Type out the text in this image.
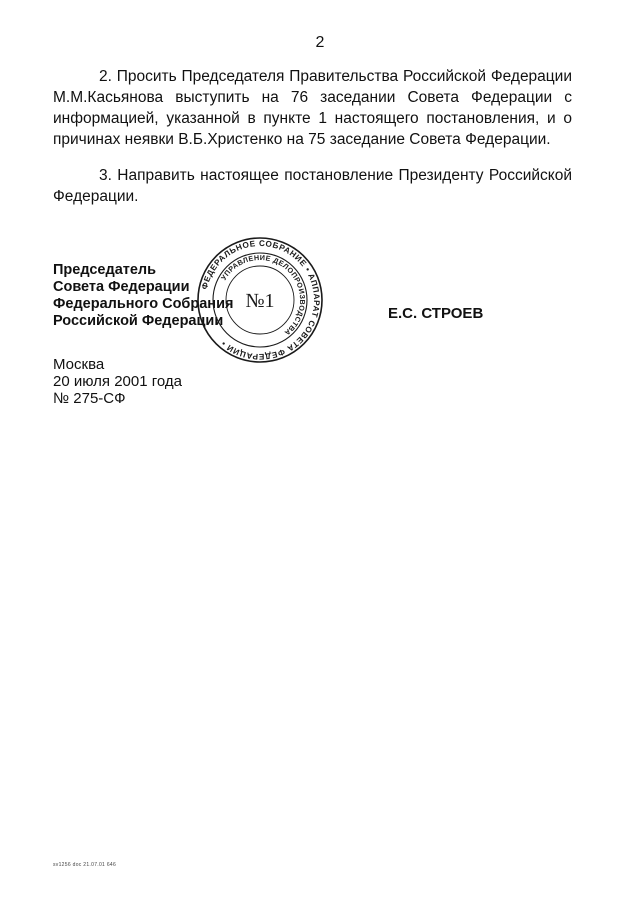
2

2. Просить Председателя Правительства Российской Федерации М.М.Касьянова выступить на 76 заседании Совета Федерации с информацией, указанной в пункте 1 настоящего постановления, и о причинах неявки В.Б.Христенко на 75 заседание Совета Федерации.

3. Направить настоящее постановление Президенту Российской Федерации.

Председатель
Совета Федерации
Федерального Собрания
Российской Федерации
ФЕДЕРАЛЬНОЕ СОБРАНИЕ • АППАРАТ СОВЕТА ФЕДЕРАЦИИ •
УПРАВЛЕНИЕ ДЕЛОПРОИЗВОДСТВА
№1
Е.С. СТРОЕВ
Москва
20 июля 2001 года
№ 275-СФ
sv1256 doc 21.07.01 646
